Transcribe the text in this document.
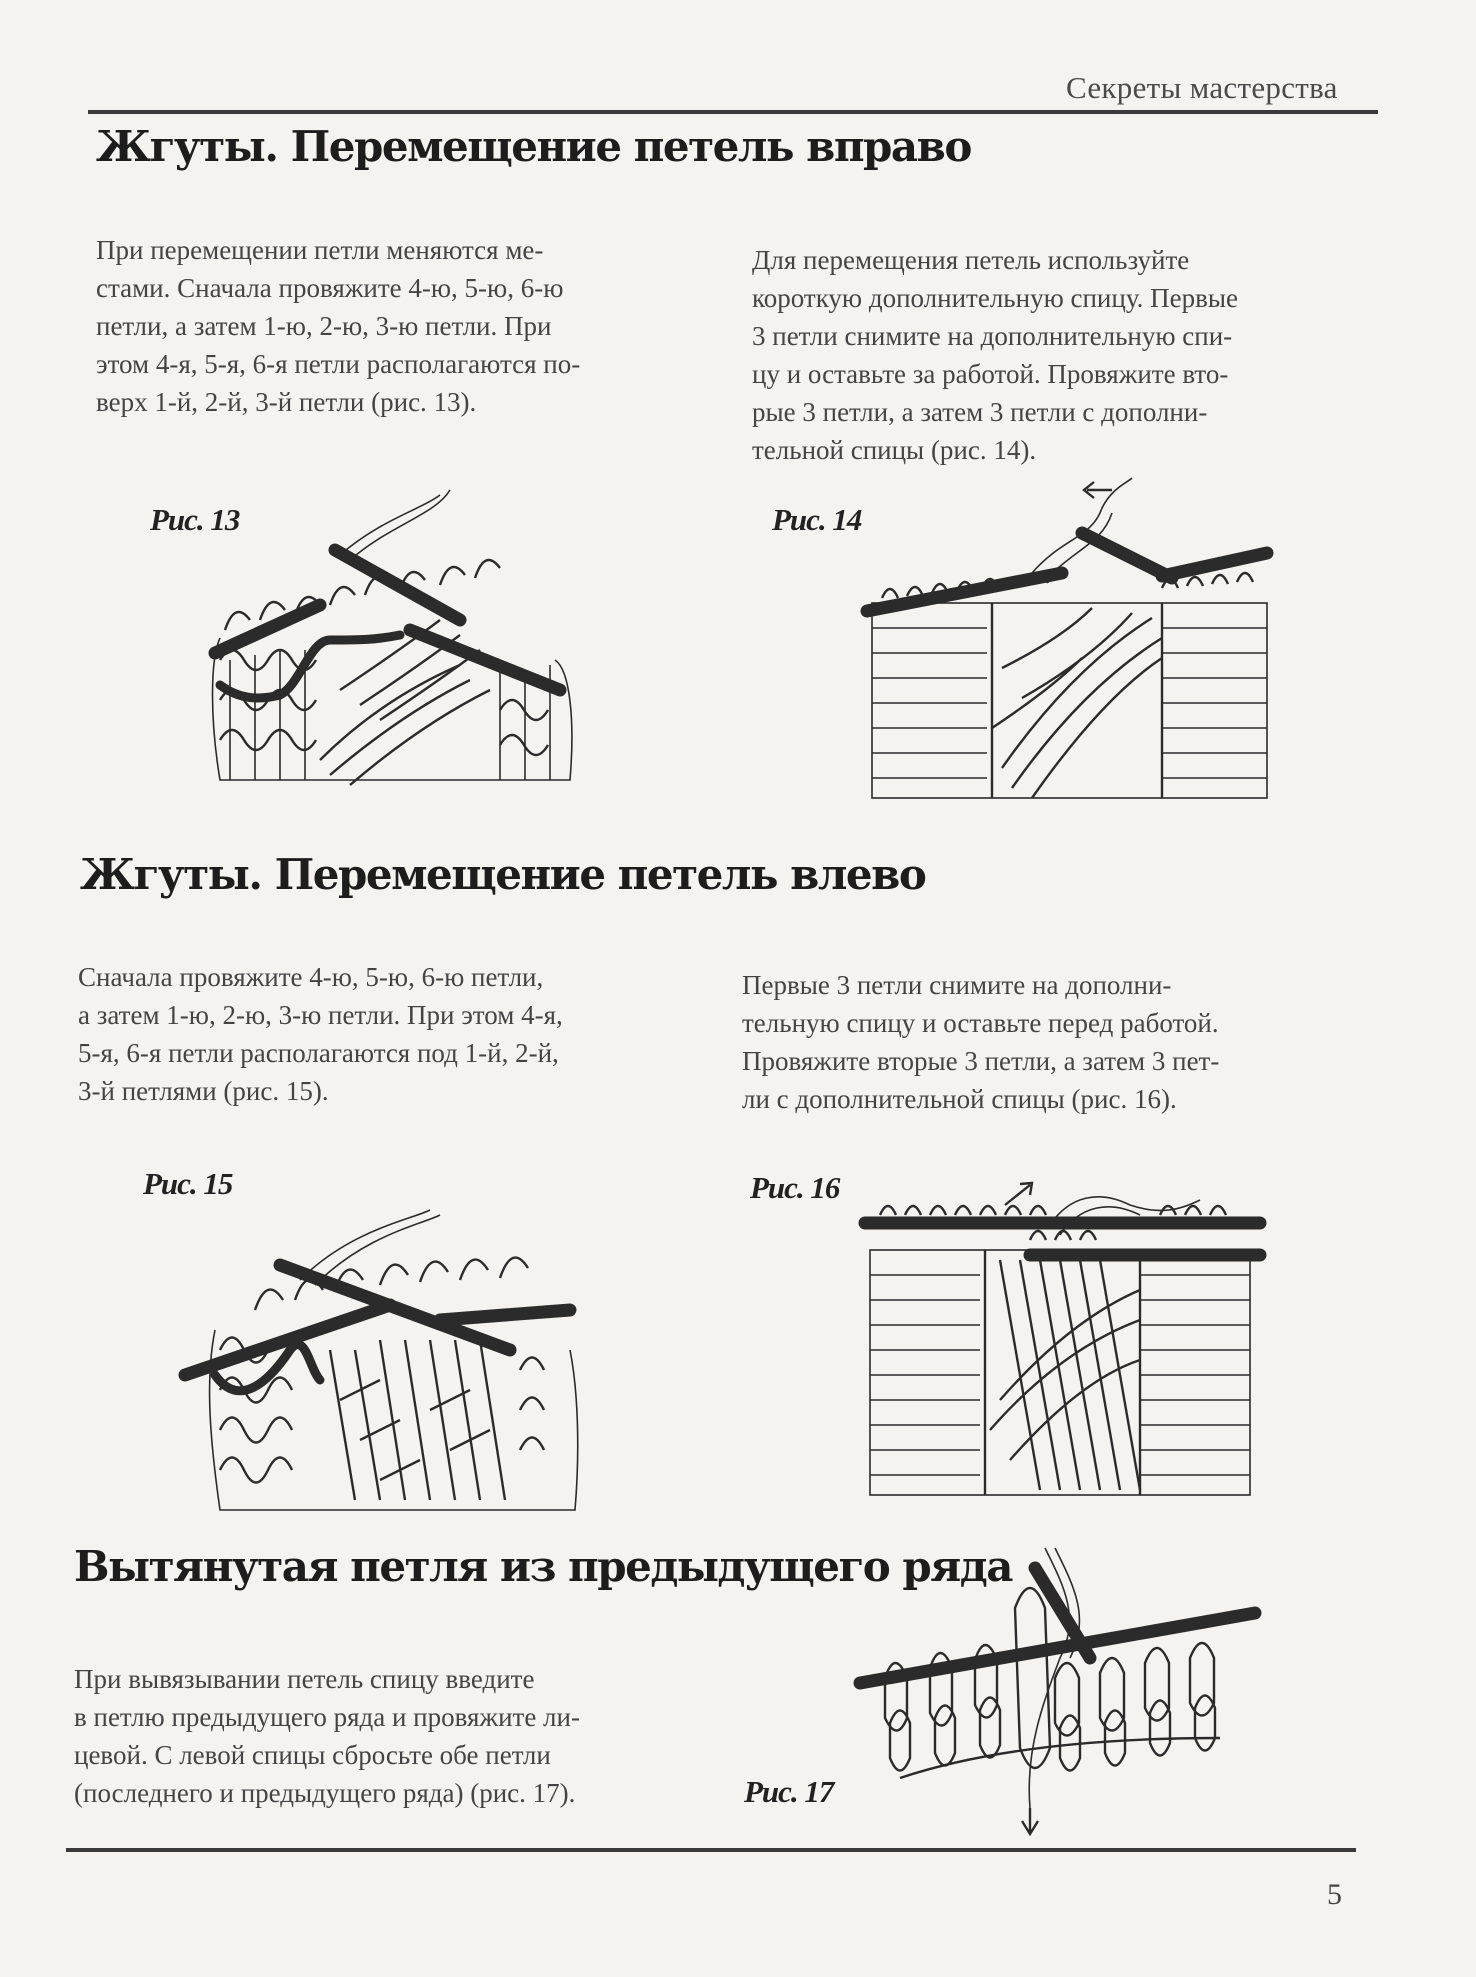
Секреты мастерства
Жгуты. Перемещение петель вправо

При перемещении петли меняются ме-

стами. Сначала провяжите 4-ю, 5-ю, 6-ю

петли, а затем 1-ю, 2-ю, 3-ю петли. При

этом 4-я, 5-я, 6-я петли располагаются по-

верх 1-й, 2-й, 3-й петли (рис. 13).

Для перемещения петель используйте

короткую дополнительную спицу. Первые

3 петли снимите на дополнительную спи-

цу и оставьте за работой. Провяжите вто-

рые 3 петли, а затем 3 петли с дополни-

тельной спицы (рис. 14).

Рис. 13	Рис. 14
Жгуты. Перемещение петель влево

Сначала провяжите 4-ю, 5-ю, 6-ю петли,

а затем 1-ю, 2-ю, 3-ю петли. При этом 4-я,

5-я, 6-я петли располагаются под 1-й, 2-й,

3-й петлями (рис. 15).

Первые 3 петли снимите на дополни-

тельную спицу и оставьте перед работой.

Провяжите вторые 3 петли, а затем 3 пет-

ли с дополнительной спицы (рис. 16).

Рис. 15	Рис. 16
Вытянутая петля из предыдущего ряда

При вывязывании петель спицу введите

в петлю предыдущего ряда и провяжите ли-

цевой. С левой спицы сбросьте обе петли

(последнего и предыдущего ряда) (рис. 17).	Рис. 17
5
